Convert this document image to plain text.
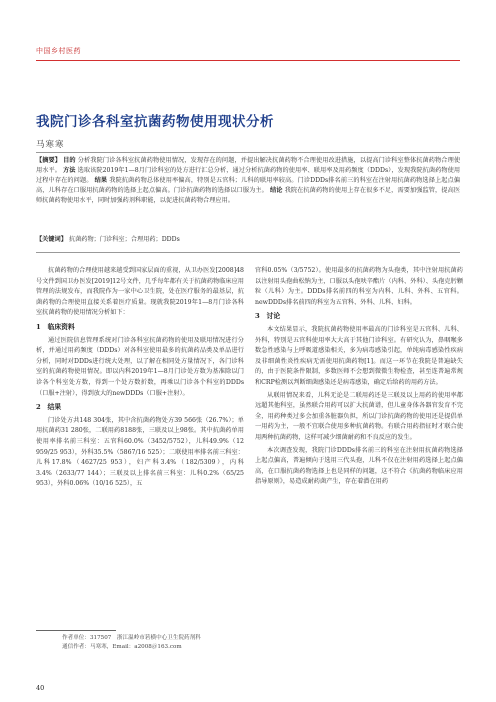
中国乡村医药
我院门诊各科室抗菌药物使用现状分析
马寒寒
【摘要】 目的 分析我院门诊各科室抗菌药物使用情况，发现存在的问题，并提出解决抗菌药物不合理使用改进措施，以提高门诊科室整体抗菌药物合理使用水平。 方法 选取该院2019年1—8月门诊科室的处方进行汇总分析，通过分析抗菌药物的使用率、联用率及用药频度（DDDs），发现我院抗菌药物使用过程中存在的问题。 结果 我院抗菌药物总体使用率偏高，特别是五官科；儿科的联用率较高。门诊DDDs排名前三的科室在注射用抗菌药物选择上起点偏高，儿科存在口服用抗菌药物的选择上起点偏高。门诊抗菌药物的选择以口服为主。 结论 我院在抗菌药物的使用上存在很多不足，需要加强监管，提高医师抗菌药物使用水平，同时加强药剂科职能，以促进抗菌药物合理应用。
【关键词】 抗菌药物；门诊科室；合理用药；DDDs

抗菌药物的合理使用越来越受到国家层面的重视，从卫办医发[2008]48号文件到国卫办医发[2019]12号文件，几乎每年都有关于抗菌药物临床应用管理的法规发布，而我院作为一家中心卫生院，处在医疗服务的最基层，抗菌药物的合理使用直接关系着医疗质量。现就我院2019年1—8月门诊各科室抗菌药物的使用情况分析如下：

1　临床资料

通过医院信息管理系统对门诊各科室抗菌药物的使用及联用情况进行分析，并通过用药频度（DDDs）对各科室使用最多的抗菌药品类及单品进行分析，同时对DDDs进行统大处理，以了解在相同处方量情况下，各门诊科室的抗菌药物使用情况。即以内科2019年1—8月门诊处方数为基准除以门诊各个科室处方数，得到一个处方数折数，再乘以门诊各个科室的DDDs（口服+注射），得到放大的newDDDs（口服+注射）。

2　结果

门诊处方共148 304张，其中含抗菌药物处方39 566张（26.7%）；单用抗菌药31 280张，二联用药8188张，三联及以上98张。其中抗菌药单用使用率排名前三科室：五官科60.0%（3452/5752），儿科49.9%（12 959/25 953），外科35.5%（5867/16 525）；二联使用率排名前三科室：儿科17.8%（4627/25 953），妇产科3.4%（182/5309），内科3.4%（2633/77 144）；三联及以上排名前三科室：儿科0.2%（65/25 953），外科0.06%（10/16 525），五

官科0.05%（3/5752）。使用最多的抗菌药物为头孢类，其中注射用抗菌药以注射用头孢曲松钠为主，口服以头孢呋辛酯片（内科、外科）、头孢克肟颗粒（儿科）为主。DDDs排名前四的科室为内科、儿科、外科、五官科。newDDDs排名前四的科室为五官科、外科、儿科、妇科。

3　讨论

本文结果显示，我院抗菌药物使用率最高的门诊科室是五官科、儿科、外科，特别是五官科使用率大大高于其他门诊科室。有研究认为，鼻咽喉多数急性感染与上呼吸道感染相关，多为病毒感染引起，单纯病毒感染性疾病及非细菌性炎性疾病无需使用抗菌药物[1]。而这一环节在我院是普遍缺失的，由于医院条件限制，多数医师不会想到微微生物检查，甚至连普遍常规和CRP检测以判断细菌感染还是病毒感染，确定后给药的用药方法。

从联用情况来看，儿科无论是二联用药还是三联及以上用药的使用率都远超其他科室，虽然联合用药可以扩大抗菌谱，但儿童身体各器官发育不完全，用药种类过多会加重各脏器负担，所以门诊抗菌药物的使用还是提倡单一用药为主，一般不宜联合使用多种抗菌药物。有联合用药指征时才联合使用两种抗菌药物，这样可减少细菌耐药和不良反应的发生。

本次调查发现，我院门诊DDDs排名前三的科室在注射用抗菌药物选择上起点偏高，普遍倾向于选用三代头孢，儿科不仅在注射用药选择上起点偏高，在口服抗菌药物选择上也是同样的问题，这不符合《抗菌药物临床应用指导原则》，易造成耐药菌产生，存在着潜在用药

作者单位：317507　浙江温岭市箬横中心卫生院药剂科
通信作者：马寒寒，Email：a2008＠163.com
40
